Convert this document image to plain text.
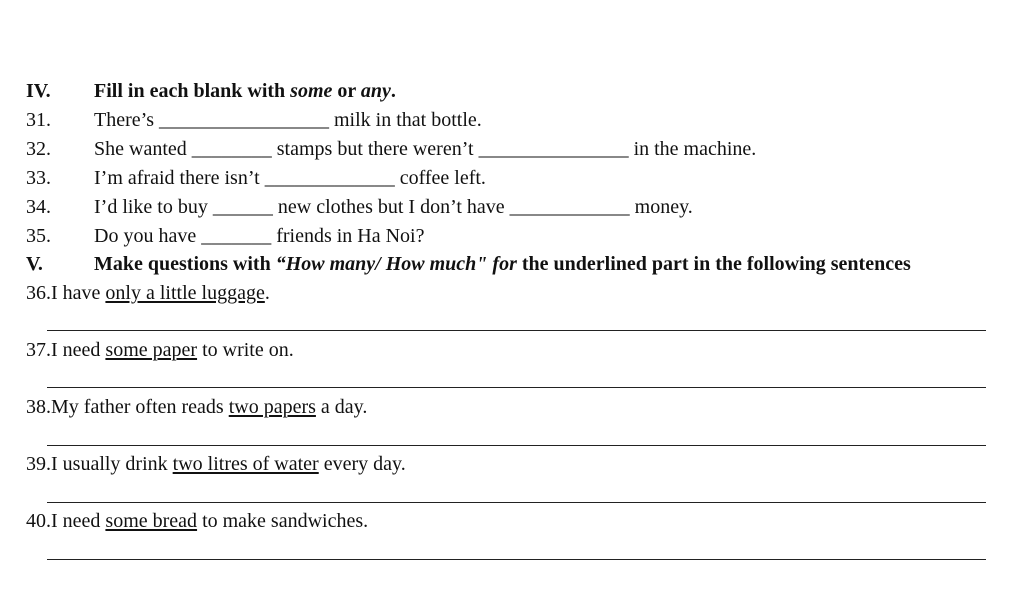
IV. Fill in each blank with some or any.
31. There’s _________________ milk in that bottle.
32. She wanted ________ stamps but there weren’t _______________ in the machine.
33. I’m afraid there isn’t _____________ coffee left.
34. I’d like to buy ______ new clothes but I don’t have ____________ money.
35. Do you have _______ friends in Ha Noi?
V.	Make questions with “How many/ How much" for the underlined part in the following sentences
36.I have only a little luggage.
37.I need some paper to write on.
38.My father often reads two papers a day.
39.I usually drink two litres of water every day.
40.I need some bread to make sandwiches.
